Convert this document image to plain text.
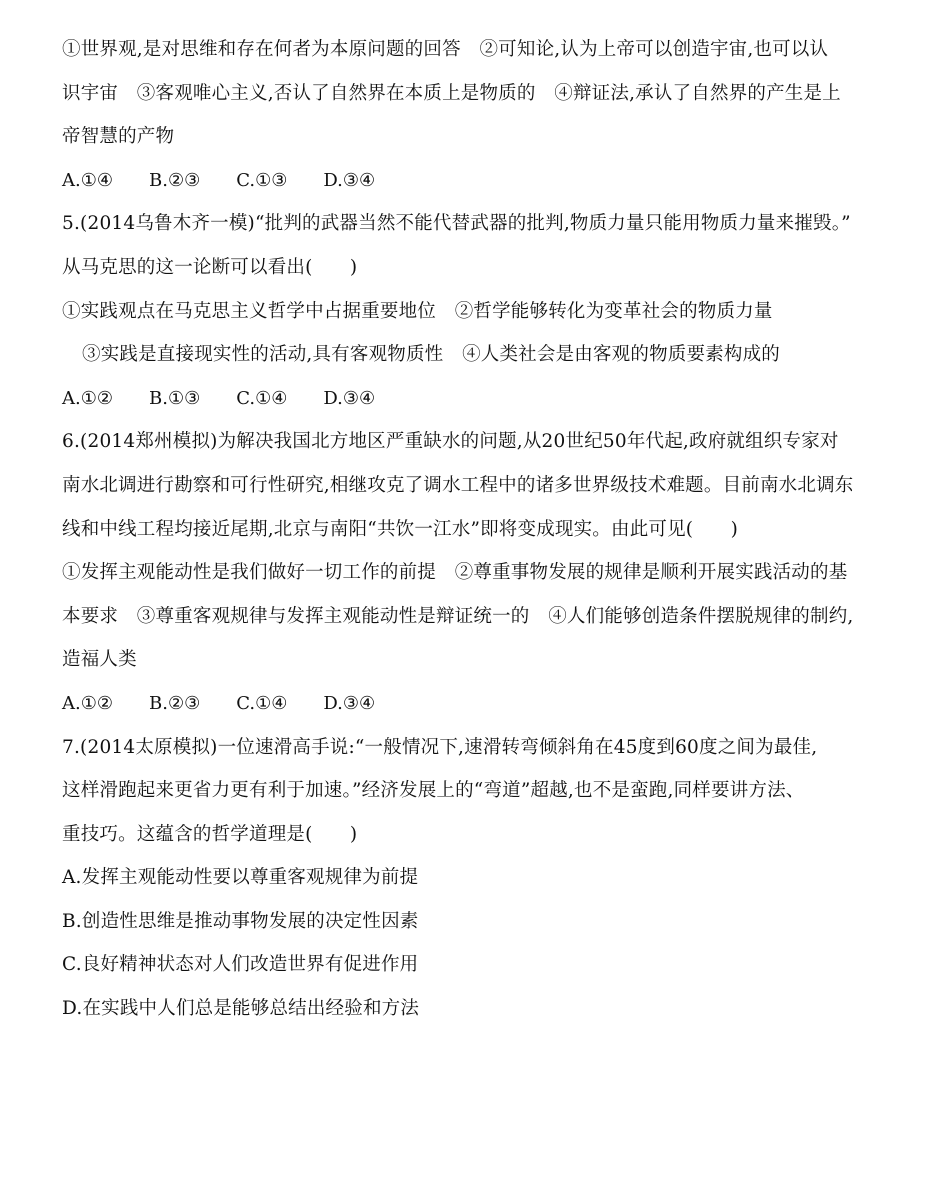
①世界观,是对思维和存在何者为本原问题的回答　②可知论,认为上帝可以创造宇宙,也可以认
识宇宙　③客观唯心主义,否认了自然界在本质上是物质的　④辩证法,承认了自然界的产生是上
帝智慧的产物
A.①④　　B.②③　　C.①③　　D.③④
5.(2014乌鲁木齐一模)“批判的武器当然不能代替武器的批判,物质力量只能用物质力量来摧毁。”
从马克思的这一论断可以看出(　　)
①实践观点在马克思主义哲学中占据重要地位　②哲学能够转化为变革社会的物质力量
③实践是直接现实性的活动,具有客观物质性　④人类社会是由客观的物质要素构成的
A.①②　　B.①③　　C.①④　　D.③④
6.(2014郑州模拟)为解决我国北方地区严重缺水的问题,从20世纪50年代起,政府就组织专家对
南水北调进行勘察和可行性研究,相继攻克了调水工程中的诸多世界级技术难题。目前南水北调东
线和中线工程均接近尾期,北京与南阳“共饮一江水”即将变成现实。由此可见(　　)
①发挥主观能动性是我们做好一切工作的前提　②尊重事物发展的规律是顺利开展实践活动的基
本要求　③尊重客观规律与发挥主观能动性是辩证统一的　④人们能够创造条件摆脱规律的制约,
造福人类
A.①②　　B.②③　　C.①④　　D.③④
7.(2014太原模拟)一位速滑高手说:“一般情况下,速滑转弯倾斜角在45度到60度之间为最佳,
这样滑跑起来更省力更有利于加速。”经济发展上的“弯道”超越,也不是蛮跑,同样要讲方法、
重技巧。这蕴含的哲学道理是(　　)
A.发挥主观能动性要以尊重客观规律为前提
B.创造性思维是推动事物发展的决定性因素
C.良好精神状态对人们改造世界有促进作用
D.在实践中人们总是能够总结出经验和方法
